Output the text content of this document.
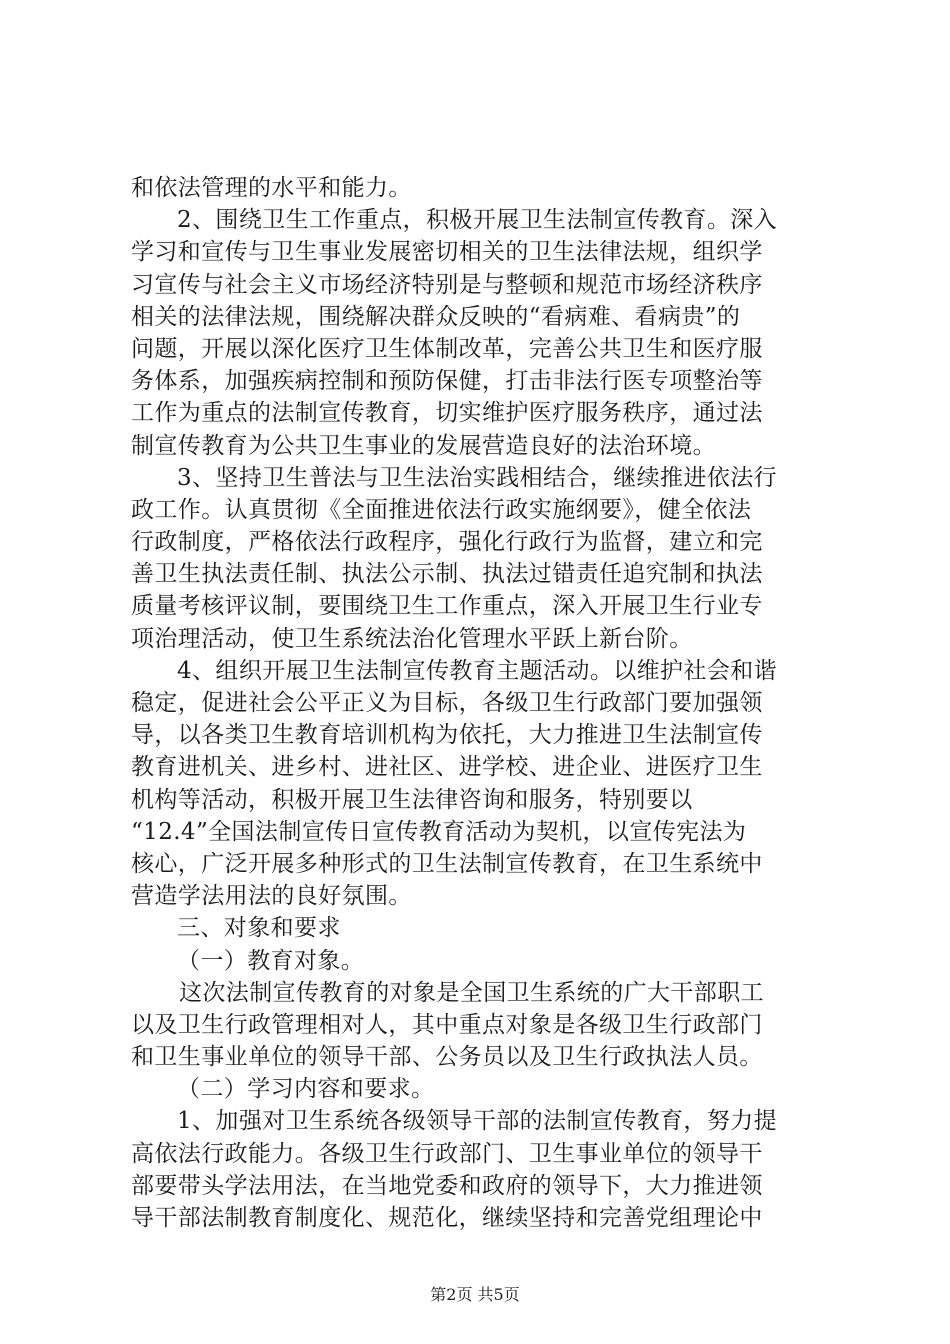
和依法管理的水平和能力。
2、围绕卫生工作重点，积极开展卫生法制宣传教育。深入
学习和宣传与卫生事业发展密切相关的卫生法律法规，组织学
习宣传与社会主义市场经济特别是与整顿和规范市场经济秩序
相关的法律法规，围绕解决群众反映的“看病难、看病贵”的
问题，开展以深化医疗卫生体制改革，完善公共卫生和医疗服
务体系，加强疾病控制和预防保健，打击非法行医专项整治等
工作为重点的法制宣传教育，切实维护医疗服务秩序，通过法
制宣传教育为公共卫生事业的发展营造良好的法治环境。
3、坚持卫生普法与卫生法治实践相结合，继续推进依法行
政工作。认真贯彻《全面推进依法行政实施纲要》，健全依法
行政制度，严格依法行政程序，强化行政行为监督，建立和完
善卫生执法责任制、执法公示制、执法过错责任追究制和执法
质量考核评议制，要围绕卫生工作重点，深入开展卫生行业专
项治理活动，使卫生系统法治化管理水平跃上新台阶。
4、组织开展卫生法制宣传教育主题活动。以维护社会和谐
稳定，促进社会公平正义为目标，各级卫生行政部门要加强领
导，以各类卫生教育培训机构为依托，大力推进卫生法制宣传
教育进机关、进乡村、进社区、进学校、进企业、进医疗卫生
机构等活动，积极开展卫生法律咨询和服务，特别要以
“12.4”全国法制宣传日宣传教育活动为契机，以宣传宪法为
核心，广泛开展多种形式的卫生法制宣传教育，在卫生系统中
营造学法用法的良好氛围。
三、对象和要求
（一）教育对象。
这次法制宣传教育的对象是全国卫生系统的广大干部职工
以及卫生行政管理相对人，其中重点对象是各级卫生行政部门
和卫生事业单位的领导干部、公务员以及卫生行政执法人员。
（二）学习内容和要求。
1、加强对卫生系统各级领导干部的法制宣传教育，努力提
高依法行政能力。各级卫生行政部门、卫生事业单位的领导干
部要带头学法用法，在当地党委和政府的领导下，大力推进领
导干部法制教育制度化、规范化，继续坚持和完善党组理论中
第2页 共5页
